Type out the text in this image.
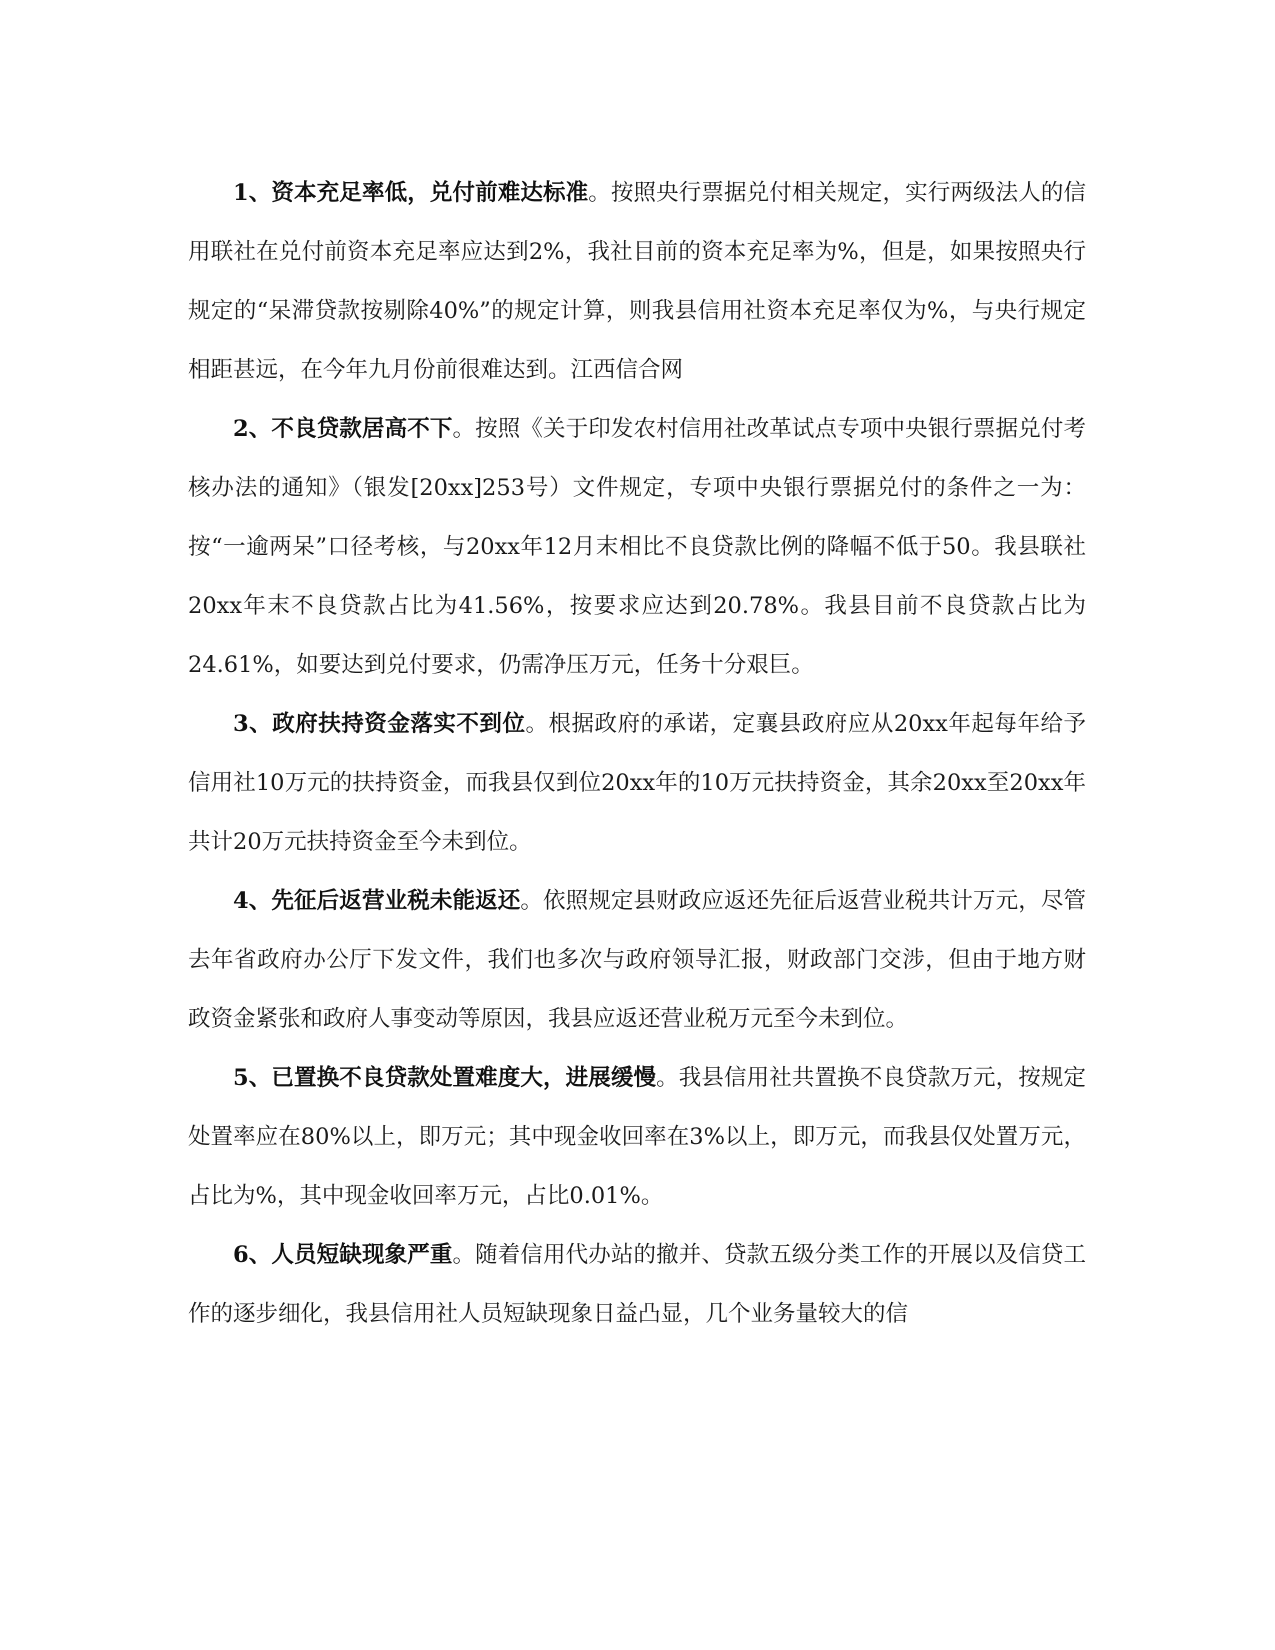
1、资本充足率低，兑付前难达标准。按照央行票据兑付相关规定，实行两级法人的信用联社在兑付前资本充足率应达到2%，我社目前的资本充足率为%，但是，如果按照央行规定的“呆滞贷款按剔除40%”的规定计算，则我县信用社资本充足率仅为%，与央行规定相距甚远，在今年九月份前很难达到。江西信合网

2、不良贷款居高不下。按照《关于印发农村信用社改革试点专项中央银行票据兑付考核办法的通知》（银发[20xx]253号）文件规定，专项中央银行票据兑付的条件之一为：按“一逾两呆”口径考核，与20xx年12月末相比不良贷款比例的降幅不低于50。我县联社20xx年末不良贷款占比为41.56%，按要求应达到20.78%。我县目前不良贷款占比为24.61%，如要达到兑付要求，仍需净压万元，任务十分艰巨。

3、政府扶持资金落实不到位。根据政府的承诺，定襄县政府应从20xx年起每年给予信用社10万元的扶持资金，而我县仅到位20xx年的10万元扶持资金，其余20xx至20xx年共计20万元扶持资金至今未到位。

4、先征后返营业税未能返还。依照规定县财政应返还先征后返营业税共计万元，尽管去年省政府办公厅下发文件，我们也多次与政府领导汇报，财政部门交涉，但由于地方财政资金紧张和政府人事变动等原因，我县应返还营业税万元至今未到位。

5、已置换不良贷款处置难度大，进展缓慢。我县信用社共置换不良贷款万元，按规定处置率应在80%以上，即万元；其中现金收回率在3%以上，即万元，而我县仅处置万元，占比为%，其中现金收回率万元，占比0.01%。

6、人员短缺现象严重。随着信用代办站的撤并、贷款五级分类工作的开展以及信贷工作的逐步细化，我县信用社人员短缺现象日益凸显，几个业务量较大的信
